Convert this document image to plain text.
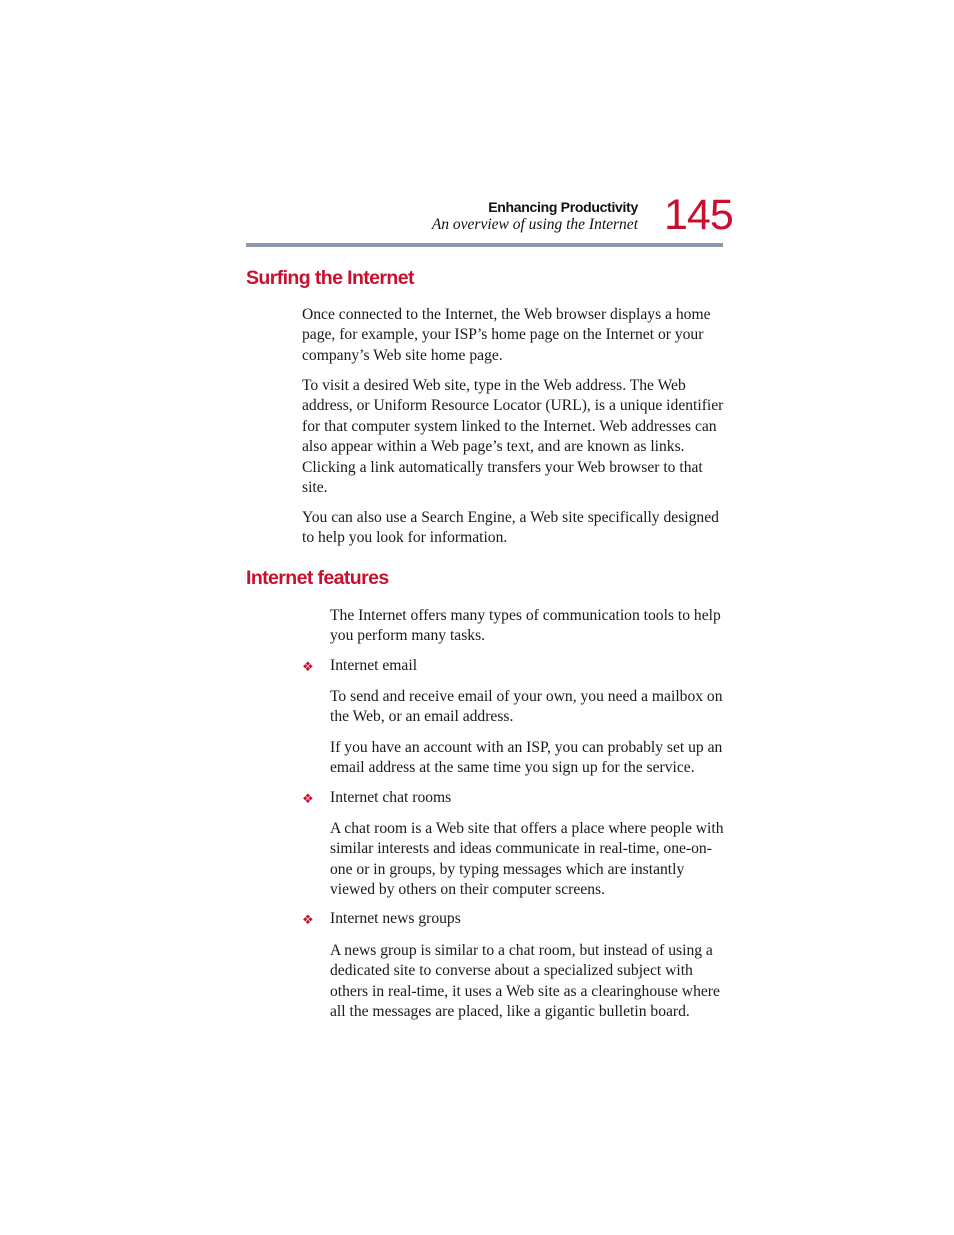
Enhancing Productivity
An overview of using the Internet 145
Surfing the Internet

Once connected to the Internet, the Web browser displays a home page, for example, your ISP’s home page on the Internet or your company’s Web site home page.

To visit a desired Web site, type in the Web address. The Web address, or Uniform Resource Locator (URL), is a unique identifier for that computer system linked to the Internet. Web addresses can also appear within a Web page’s text, and are known as links. Clicking a link automatically transfers your Web browser to that site.

You can also use a Search Engine, a Web site specifically designed to help you look for information.

Internet features

The Internet offers many types of communication tools to help you perform many tasks.

❖ Internet email

To send and receive email of your own, you need a mailbox on the Web, or an email address.

If you have an account with an ISP, you can probably set up an email address at the same time you sign up for the service.

❖ Internet chat rooms

A chat room is a Web site that offers a place where people with similar interests and ideas communicate in real-time, one-on-one or in groups, by typing messages which are instantly viewed by others on their computer screens.

❖ Internet news groups

A news group is similar to a chat room, but instead of using a dedicated site to converse about a specialized subject with others in real-time, it uses a Web site as a clearinghouse where all the messages are placed, like a gigantic bulletin board.
